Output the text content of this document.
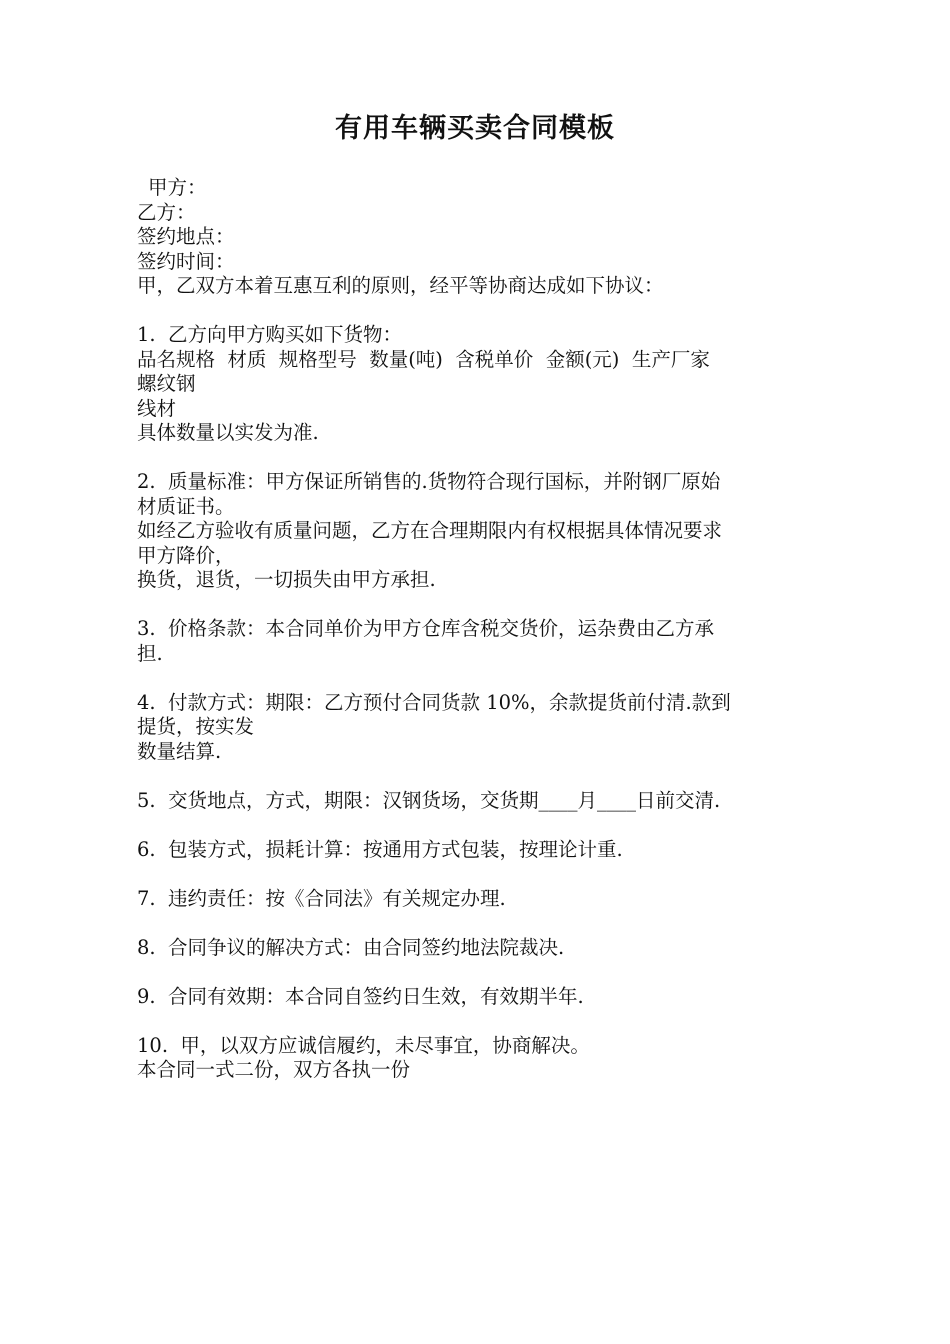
有用车辆买卖合同模板
甲方：
乙方：
签约地点：
签约时间：
甲，乙双方本着互惠互利的原则，经平等协商达成如下协议：
1.  乙方向甲方购买如下货物：
品名规格  材质  规格型号  数量(吨)  含税单价  金额(元)  生产厂家
螺纹钢
线材
具体数量以实发为准.
2.  质量标准：甲方保证所销售的.货物符合现行国标，并附钢厂原始
材质证书。
如经乙方验收有质量问题，乙方在合理期限内有权根据具体情况要求
甲方降价，
换货，退货，一切损失由甲方承担.
3.  价格条款：本合同单价为甲方仓库含税交货价，运杂费由乙方承
担.
4.  付款方式：期限：乙方预付合同货款 10%，余款提货前付清.款到
提货，按实发
数量结算.
5.  交货地点，方式，期限：汉钢货场，交货期____月____日前交清.
6.  包装方式，损耗计算：按通用方式包装，按理论计重.
7.  违约责任：按《合同法》有关规定办理.
8.  合同争议的解决方式：由合同签约地法院裁决.
9.  合同有效期：本合同自签约日生效，有效期半年.
10.  甲，以双方应诚信履约，未尽事宜，协商解决。
本合同一式二份，双方各执一份
